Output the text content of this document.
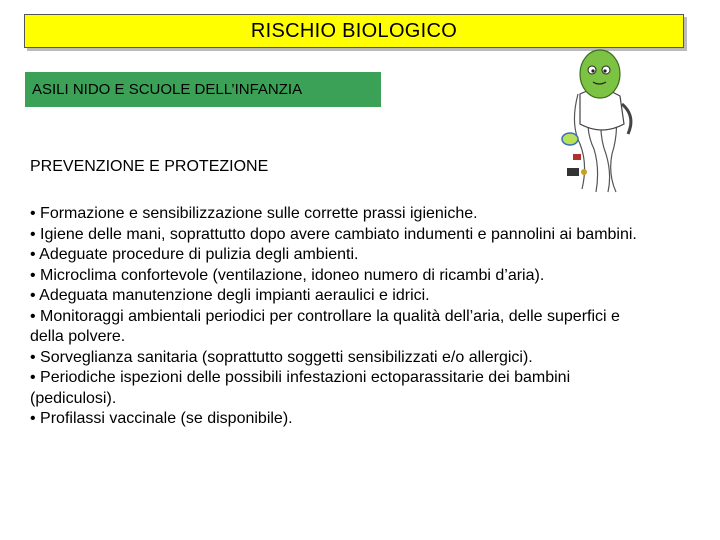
RISCHIO BIOLOGICO
ASILI NIDO E SCUOLE DELL’INFANZIA
PREVENZIONE E PROTEZIONE

• Formazione e sensibilizzazione sulle corrette prassi igieniche.

• Igiene delle mani, soprattutto dopo avere cambiato indumenti e pannolini ai bambini.

• Adeguate procedure di pulizia degli ambienti.

• Microclima confortevole (ventilazione, idoneo numero di ricambi d’aria).

• Adeguata manutenzione degli impianti aeraulici e idrici.

• Monitoraggi ambientali periodici per controllare la qualità dell’aria, delle superfici e della polvere.

• Sorveglianza sanitaria (soprattutto soggetti sensibilizzati e/o allergici).

• Periodiche ispezioni delle possibili infestazioni ectoparassitarie dei bambini (pediculosi).

• Profilassi vaccinale (se disponibile).
